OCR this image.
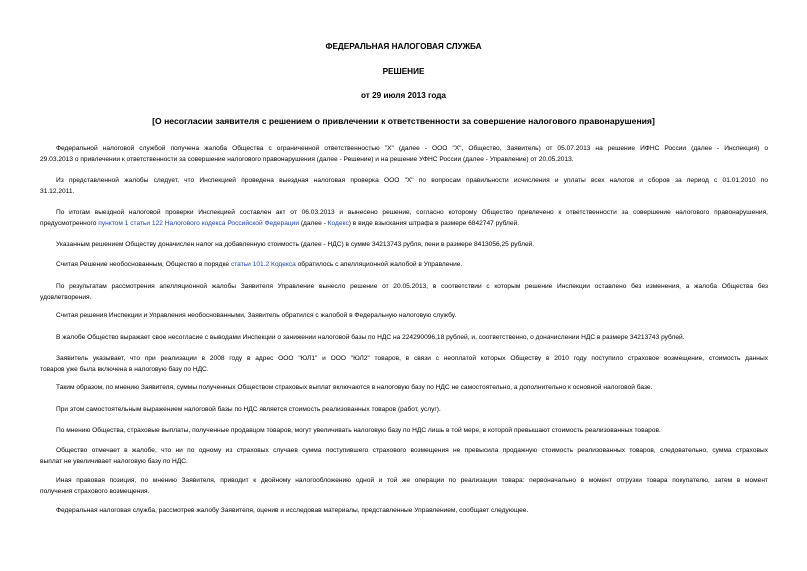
ФЕДЕРАЛЬНАЯ НАЛОГОВАЯ СЛУЖБА
РЕШЕНИЕ
от 29 июля 2013 года
[О несогласии заявителя с решением о привлечении к ответственности за совершение налогового правонарушения]
Федеральной налоговой службой получена жалоба Общества с ограниченной ответственностью "Х" (далее - ООО "Х", Общество, Заявитель) от 05.07.2013 на решение ИФНС России (далее - Инспекция) о
29.03.2013 о привлечении к ответственности за совершение налогового правонарушения (далее - Решение) и на решение УФНС России (далее - Управление) от 20.05.2013.
Из представленной жалобы следует, что Инспекцией проведена выездная налоговая проверка ООО "Х" по вопросам правильности исчисления и уплаты всех налогов и сборов за период с 01.01.2010 по
31.12.2011.
По итогам выездной налоговой проверки Инспекцией составлен акт от 06.03.2013 и вынесено решение, согласно которому Общество привлечено к ответственности за совершение налогового правонарушения,
предусмотренного пунктом 1 статьи 122 Налогового кодекса Российской Федерации (далее - Кодекс) в виде взыскания штрафа в размере 6842747 рублей.
Указанным решением Обществу доначислен налог на добавленную стоимость (далее - НДС) в сумме 34213743 рубля, пени в размере 8413056,25 рублей.
Считая Решение необоснованным, Общество в порядке статьи 101.2 Кодекса обратилось с апелляционной жалобой в Управление.
По результатам рассмотрения апелляционной жалобы Заявителя Управление вынесло решение от 20.05.2013, в соответствии с которым решение Инспекции оставлено без изменения, а жалоба Общества без
удовлетворения.
Считая решения Инспекции и Управления необоснованными, Заявитель обратился с жалобой в Федеральную налоговую службу.
В жалобе Общество выражает свое несогласие с выводами Инспекции о занижении налоговой базы по НДС на 224290096,18 рублей, и, соответственно, о доначислении НДС в размере 34213743 рублей.
Заявитель указывает, что при реализации в 2008 году в адрес ООО "ЮЛ1" и ООО "ЮЛ2" товаров, в связи с неоплатой которых Обществу в 2010 году поступило страховое возмещение, стоимость данных
товаров уже была включена в налоговую базу по НДС.
Таким образом, по мнению Заявителя, суммы полученных Обществом страховых выплат включаются в налоговую базу по НДС не самостоятельно, а дополнительно к основной налоговой базе.
При этом самостоятельным выражением налоговой базы по НДС является стоимость реализованных товаров (работ, услуг).
По мнению Общества, страховые выплаты, полученные продавцом товаров, могут увеличивать налоговую базу по НДС лишь в той мере, в которой превышают стоимость реализованных товаров.
Общество отмечает в жалобе, что ни по одному из страховых случаев сумма поступившего страхового возмещения не превысила продажную стоимость реализованных товаров, следовательно, сумма страховых
выплат не увеличивает налоговую базу по НДС.
Иная правовая позиция, по мнению Заявителя, приводит к двойному налогообложению одной и той же операции по реализации товара: первоначально в момент отгрузки товара покупателю, затем в момент
получения страхового возмещения.
Федеральная налоговая служба, рассмотрев жалобу Заявителя, оценив и исследовав материалы, представленные Управлением, сообщает следующее.
